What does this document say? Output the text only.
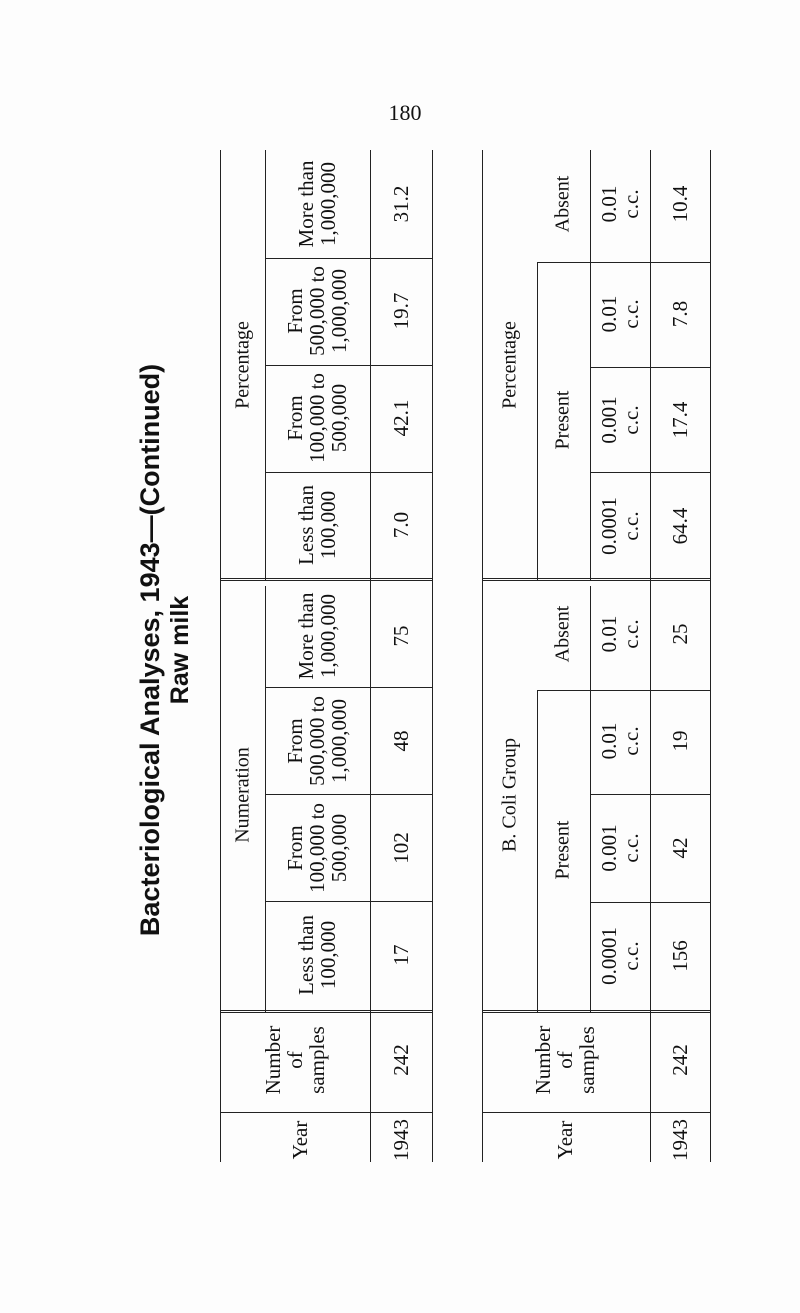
180
Bacteriological Analyses, 1943—(Continued) Raw milk
Percentage
Numeration
More than 1,000,000
From 500,000 to 1,000,000
From 100,000 to 500,000
Less than 100,000
More than 1,000,000
From 500,000 to 1,000,000
From 100,000 to 500,000
Less than 100,000
Number of samples
Year
31.2
19.7
42.1
7.0
75
48
102
17
242
1943
Percentage
B. Coli Group
Absent
Present
Absent
Present
0.01 c.c.
0.01 c.c.
0.001 c.c.
0.0001 c.c.
0.01 c.c.
0.01 c.c.
0.001 c.c.
0.0001 c.c.
Number of samples
Year
10.4
7.8
17.4
64.4
25
19
42
156
242
1943
